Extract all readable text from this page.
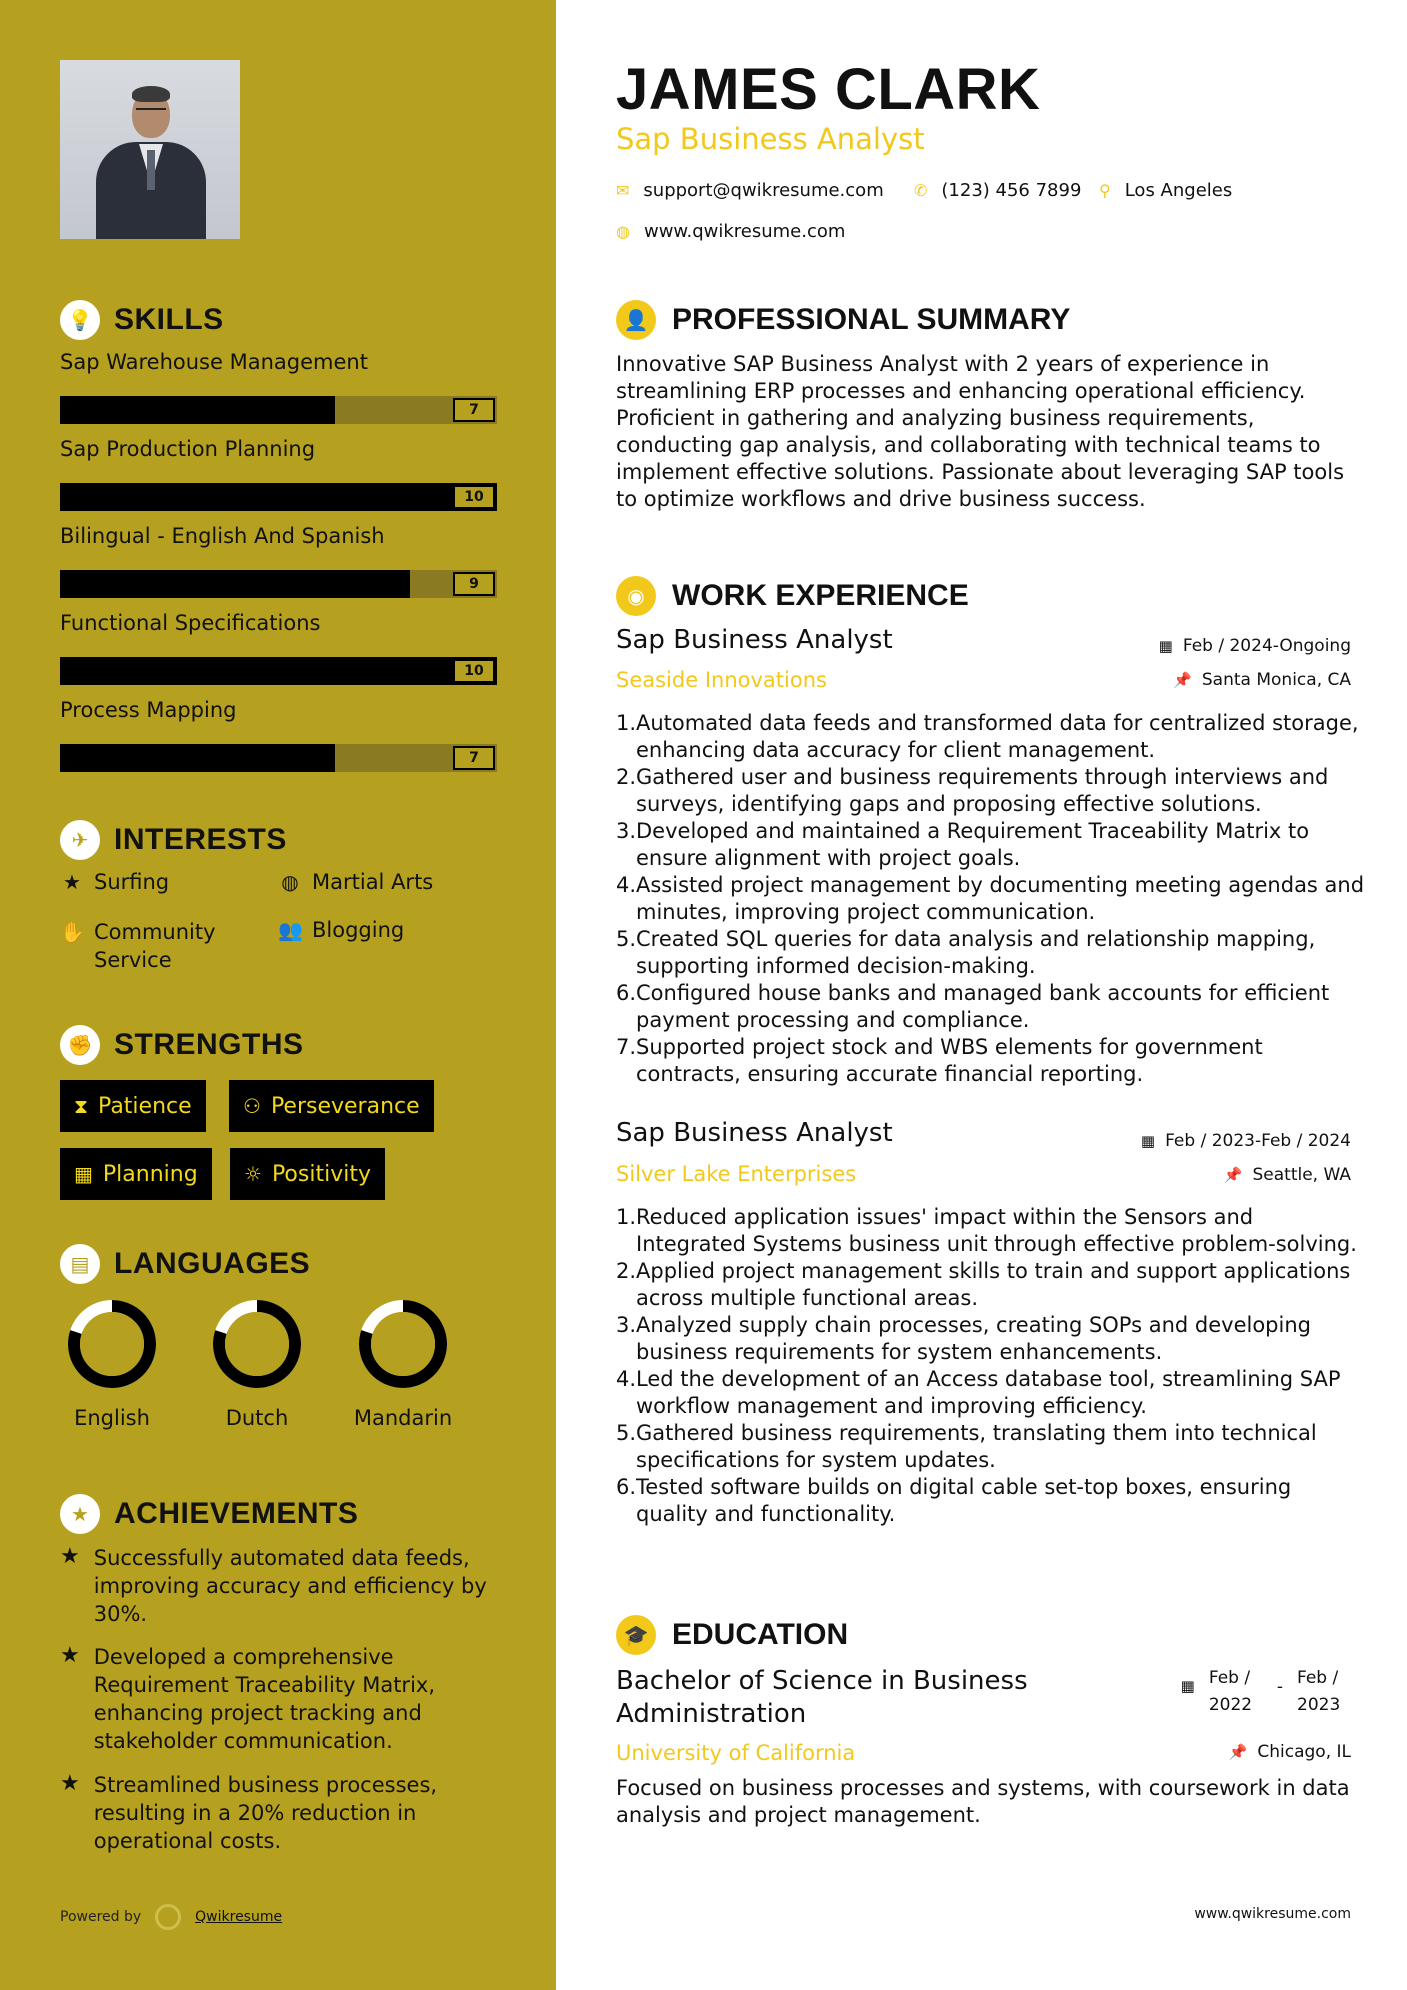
💡 SKILLS
Sap Warehouse Management
7
Sap Production Planning
10
Bilingual - English And Spanish
9
Functional Specifications
10
Process Mapping
7
✈ INTERESTS
★ Surfing	◍ Martial Arts
✋ Community Service
👥 Blogging
✊ STRENGTHS
⧗ Patience	⚇ Perseverance
▦ Planning ☼ Positivity
▤ LANGUAGES
English	Dutch	Mandarin
★ ACHIEVEMENTS
★ Successfully automated data feeds, improving accuracy and efficiency by 30%.
★ Developed a comprehensive Requirement Traceability Matrix, enhancing project tracking and stakeholder communication.
★ Streamlined business processes, resulting in a 20% reduction in operational costs.
Powered by	Qwikresume
JAMES CLARK
Sap Business Analyst
✉ support@qwikresume.com ✆ (123) 456 7899 ⚲ Los Angeles
◍ www.qwikresume.com
👤 PROFESSIONAL SUMMARY
Innovative SAP Business Analyst with 2 years of experience in streamlining ERP processes and enhancing operational efficiency. Proficient in gathering and analyzing business requirements, conducting gap analysis, and collaborating with technical teams to implement effective solutions. Passionate about leveraging SAP tools to optimize workflows and drive business success.
◉ WORK EXPERIENCE
Sap Business Analyst
Seaside Innovations
▦ Feb / 2024-Ongoing
📌 Santa Monica, CA
1. Automated data feeds and transformed data for centralized storage, enhancing data accuracy for client management.
2. Gathered user and business requirements through interviews and surveys, identifying gaps and proposing effective solutions.
3. Developed and maintained a Requirement Traceability Matrix to ensure alignment with project goals.
4. Assisted project management by documenting meeting agendas and minutes, improving project communication.
5. Created SQL queries for data analysis and relationship mapping, supporting informed decision-making.
6. Configured house banks and managed bank accounts for efficient payment processing and compliance.
7. Supported project stock and WBS elements for government contracts, ensuring accurate financial reporting.
Sap Business Analyst
Silver Lake Enterprises
▦ Feb / 2023-Feb / 2024
📌 Seattle, WA
1. Reduced application issues' impact within the Sensors and Integrated Systems business unit through effective problem-solving.
2. Applied project management skills to train and support applications across multiple functional areas.
3. Analyzed supply chain processes, creating SOPs and developing business requirements for system enhancements.
4. Led the development of an Access database tool, streamlining SAP workflow management and improving efficiency.
5. Gathered business requirements, translating them into technical specifications for system updates.
6. Tested software builds on digital cable set-top boxes, ensuring quality and functionality.
🎓 EDUCATION
Bachelor of Science in Business Administration
University of California
▦ Feb / 2022
- Feb / 2023
📌 Chicago, IL
Focused on business processes and systems, with coursework in data analysis and project management.
www.qwikresume.com
